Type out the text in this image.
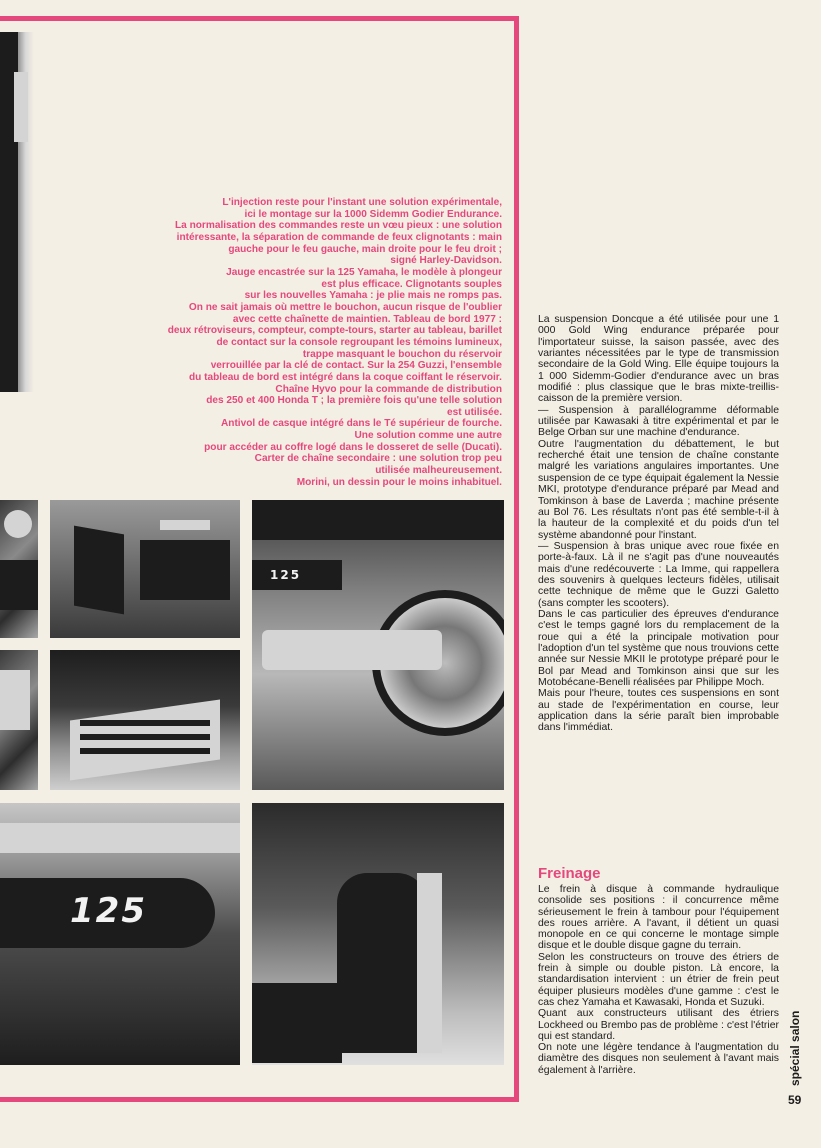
125
125
L'injection reste pour l'instant une solution expérimentale,
ici le montage sur la 1000 Sidemm Godier Endurance.
La normalisation des commandes reste un vœu pieux : une solution
intéressante, la séparation de commande de feux clignotants : main
gauche pour le feu gauche, main droite pour le feu droit ;
signé Harley-Davidson.
Jauge encastrée sur la 125 Yamaha, le modèle à plongeur
est plus efficace. Clignotants souples
sur les nouvelles Yamaha : je plie mais ne romps pas.
On ne sait jamais où mettre le bouchon, aucun risque de l'oublier
avec cette chaînette de maintien. Tableau de bord 1977 :
deux rétroviseurs, compteur, compte-tours, starter au tableau, barillet
de contact sur la console regroupant les témoins lumineux,
trappe masquant le bouchon du réservoir
verrouillée par la clé de contact. Sur la 254 Guzzi, l'ensemble
du tableau de bord est intégré dans la coque coiffant le réservoir.
Chaîne Hyvo pour la commande de distribution
des 250 et 400 Honda T ; la première fois qu'une telle solution
est utilisée.
Antivol de casque intégré dans le Té supérieur de fourche.
Une solution comme une autre
pour accéder au coffre logé dans le dosseret de selle (Ducati).
Carter de chaîne secondaire : une solution trop peu
utilisée malheureusement.
Morini, un dessin pour le moins inhabituel.

La suspension Doncque a été utilisée pour une 1 000 Gold Wing endurance préparée pour l'importateur suisse, la saison passée, avec des variantes nécessitées par le type de transmission secondaire de la Gold Wing. Elle équipe toujours la 1 000 Sidemm-Godier d'endurance avec un bras modifié : plus classique que le bras mixte-treillis-caisson de la première version.

— Suspension à parallélogramme déformable utilisée par Kawasaki à titre expérimental et par le Belge Orban sur une machine d'endurance.

Outre l'augmentation du débattement, le but recherché était une tension de chaîne constante malgré les variations angulaires importantes. Une suspension de ce type équipait également la Nessie MKI, prototype d'endurance préparé par Mead and Tomkinson à base de Laverda ; machine présente au Bol 76. Les résultats n'ont pas été semble-t-il à la hauteur de la complexité et du poids d'un tel système abandonné pour l'instant.

— Suspension à bras unique avec roue fixée en porte-à-faux. Là il ne s'agit pas d'une nouveautés mais d'une redécouverte : La Imme, qui rappellera des souvenirs à quelques lecteurs fidèles, utilisait cette technique de même que le Guzzi Galetto (sans compter les scooters).

Dans le cas particulier des épreuves d'endurance c'est le temps gagné lors du remplacement de la roue qui a été la principale motivation pour l'adoption d'un tel système que nous trouvions cette année sur Nessie MKII le prototype préparé pour le Bol par Mead and Tomkinson ainsi que sur les Motobécane-Benelli réalisées par Philippe Moch.

Mais pour l'heure, toutes ces suspensions en sont au stade de l'expérimentation en course, leur application dans la série paraît bien improbable dans l'immédiat.

Freinage

Le frein à disque à commande hydraulique consolide ses positions : il concurrence même sérieusement le frein à tambour pour l'équipement des roues arrière. A l'avant, il détient un quasi monopole en ce qui concerne le montage simple disque et le double disque gagne du terrain.

Selon les constructeurs on trouve des étriers de frein à simple ou double piston. Là encore, la standardisation intervient : un étrier de frein peut équiper plusieurs modèles d'une gamme : c'est le cas chez Yamaha et Kawasaki, Honda et Suzuki.

Quant aux constructeurs utilisant des étriers Lockheed ou Brembo pas de problème : c'est l'étrier qui est standard.

On note une légère tendance à l'augmentation du diamètre des disques non seulement à l'avant mais également à l'arrière.	spécial salon
59
